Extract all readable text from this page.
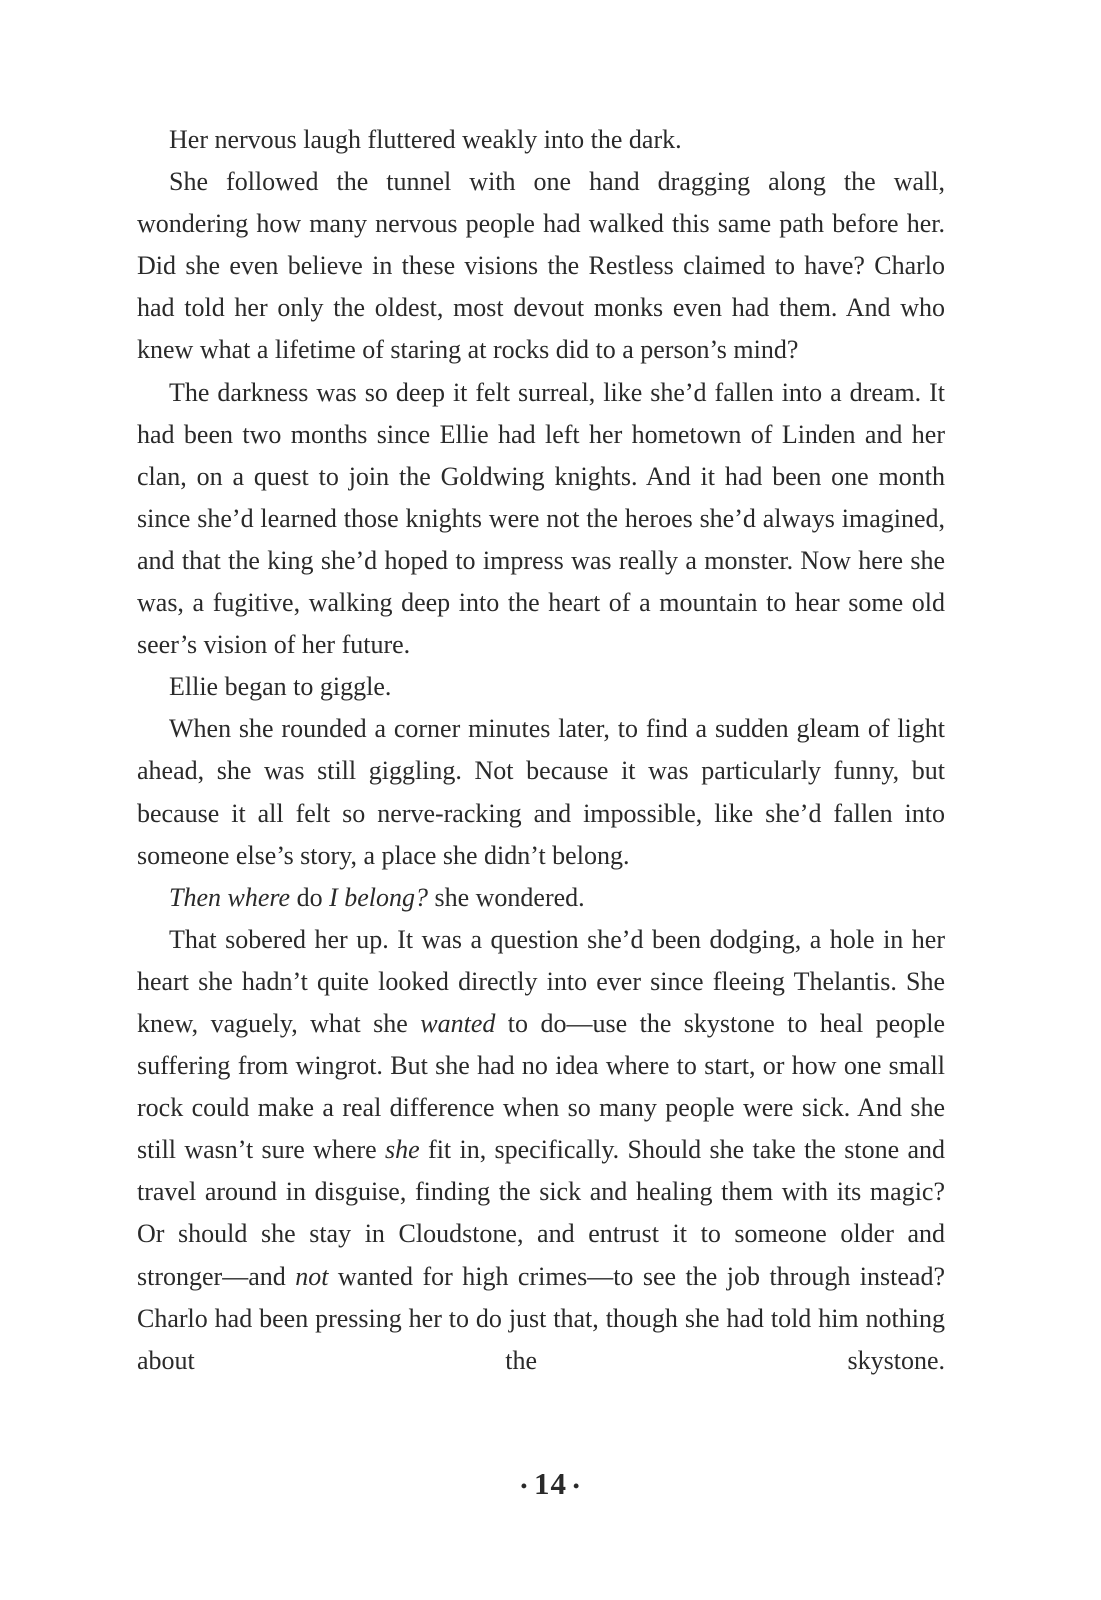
Her nervous laugh fluttered weakly into the dark.

She followed the tunnel with one hand dragging along the wall, wondering how many nervous people had walked this same path before her. Did she even believe in these visions the Restless claimed to have? Charlo had told her only the oldest, most devout monks even had them. And who knew what a lifetime of staring at rocks did to a person’s mind?

The darkness was so deep it felt surreal, like she’d fallen into a dream. It had been two months since Ellie had left her hometown of Linden and her clan, on a quest to join the Goldwing knights. And it had been one month since she’d learned those knights were not the heroes she’d always imagined, and that the king she’d hoped to impress was really a monster. Now here she was, a fugitive, walking deep into the heart of a mountain to hear some old seer’s vision of her future.

Ellie began to giggle.

When she rounded a corner minutes later, to find a sudden gleam of light ahead, she was still giggling. Not because it was particularly funny, but because it all felt so nerve-racking and impossible, like she’d fallen into someone else’s story, a place she didn’t belong.

Then where do I belong? she wondered.

That sobered her up. It was a question she’d been dodging, a hole in her heart she hadn’t quite looked directly into ever since fleeing Thelantis. She knew, vaguely, what she wanted to do—use the skystone to heal people suffering from wingrot. But she had no idea where to start, or how one small rock could make a real difference when so many people were sick. And she still wasn’t sure where she fit in, specifically. Should she take the stone and travel around in disguise, finding the sick and healing them with its magic? Or should she stay in Cloudstone, and entrust it to someone older and stronger—and not wanted for high crimes—to see the job through instead? Charlo had been pressing her to do just that, though she had told him nothing about the skystone.

• 14 •
